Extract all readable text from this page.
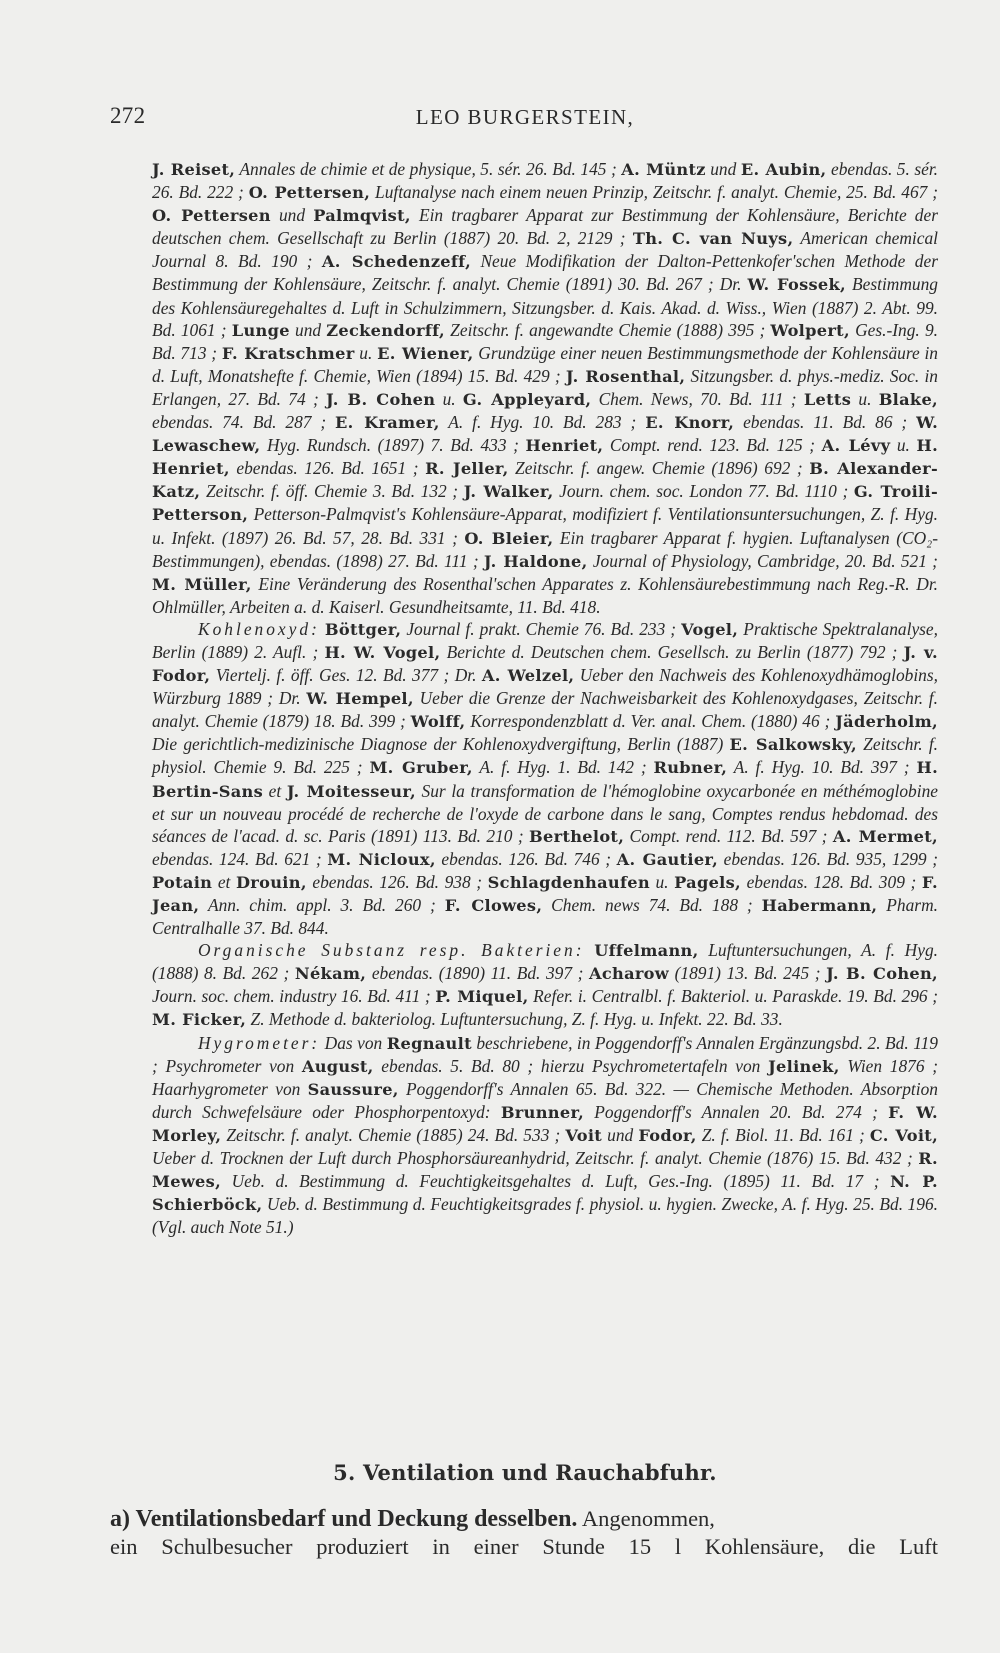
272	LEO BURGERSTEIN,

J. Reiset, Annales de chimie et de physique, 5. sér. 26. Bd. 145 ; A. Müntz und E. Aubin, ebendas. 5. sér. 26. Bd. 222 ; O. Pettersen, Luftanalyse nach einem neuen Prinzip, Zeitschr. f. analyt. Chemie, 25. Bd. 467 ; O. Pettersen und Palmqvist, Ein tragbarer Apparat zur Bestimmung der Kohlensäure, Berichte der deutschen chem. Gesellschaft zu Berlin (1887) 20. Bd. 2, 2129 ; Th. C. van Nuys, American chemical Journal 8. Bd. 190 ; A. Schedenzeff, Neue Modifikation der Dalton-Pettenkofer'schen Methode der Bestimmung der Kohlensäure, Zeitschr. f. analyt. Chemie (1891) 30. Bd. 267 ; Dr. W. Fossek, Bestimmung des Kohlensäuregehaltes d. Luft in Schulzimmern, Sitzungsber. d. Kais. Akad. d. Wiss., Wien (1887) 2. Abt. 99. Bd. 1061 ; Lunge und Zeckendorff, Zeitschr. f. angewandte Chemie (1888) 395 ; Wolpert, Ges.-Ing. 9. Bd. 713 ; F. Kratschmer u. E. Wiener, Grundzüge einer neuen Bestimmungsmethode der Kohlensäure in d. Luft, Monatshefte f. Chemie, Wien (1894) 15. Bd. 429 ; J. Rosenthal, Sitzungsber. d. phys.-mediz. Soc. in Erlangen, 27. Bd. 74 ; J. B. Cohen u. G. Appleyard, Chem. News, 70. Bd. 111 ; Letts u. Blake, ebendas. 74. Bd. 287 ; E. Kramer, A. f. Hyg. 10. Bd. 283 ; E. Knorr, ebendas. 11. Bd. 86 ; W. Lewaschew, Hyg. Rundsch. (1897) 7. Bd. 433 ; Henriet, Compt. rend. 123. Bd. 125 ; A. Lévy u. H. Henriet, ebendas. 126. Bd. 1651 ; R. Jeller, Zeitschr. f. angew. Chemie (1896) 692 ; B. Alexander-Katz, Zeitschr. f. öff. Chemie 3. Bd. 132 ; J. Walker, Journ. chem. soc. London 77. Bd. 1110 ; G. Troili-Petterson, Petterson-Palmqvist's Kohlensäure-Apparat, modifiziert f. Ventilationsuntersuchungen, Z. f. Hyg. u. Infekt. (1897) 26. Bd. 57, 28. Bd. 331 ; O. Bleier, Ein tragbarer Apparat f. hygien. Luftanalysen (CO₂-Bestimmungen), ebendas. (1898) 27. Bd. 111 ; J. Haldone, Journal of Physiology, Cambridge, 20. Bd. 521 ; M. Müller, Eine Veränderung des Rosenthal'schen Apparates z. Kohlensäurebestimmung nach Reg.-R. Dr. Ohlmüller, Arbeiten a. d. Kaiserl. Gesundheitsamte, 11. Bd. 418.

Kohlenoxyd: Böttger, Journal f. prakt. Chemie 76. Bd. 233 ; Vogel, Praktische Spektralanalyse, Berlin (1889) 2. Aufl. ; H. W. Vogel, Berichte d. Deutschen chem. Gesellsch. zu Berlin (1877) 792 ; J. v. Fodor, Viertelj. f. öff. Ges. 12. Bd. 377 ; Dr. A. Welzel, Ueber den Nachweis des Kohlenoxydhämoglobins, Würzburg 1889 ; Dr. W. Hempel, Ueber die Grenze der Nachweisbarkeit des Kohlenoxydgases, Zeitschr. f. analyt. Chemie (1879) 18. Bd. 399 ; Wolff, Korrespondenzblatt d. Ver. anal. Chem. (1880) 46 ; Jäderholm, Die gerichtlich-medizinische Diagnose der Kohlenoxydvergiftung, Berlin (1887) E. Salkowsky, Zeitschr. f. physiol. Chemie 9. Bd. 225 ; M. Gruber, A. f. Hyg. 1. Bd. 142 ; Rubner, A. f. Hyg. 10. Bd. 397 ; H. Bertin-Sans et J. Moitesseur, Sur la transformation de l'hémoglobine oxycarbonée en méthémoglobine et sur un nouveau procédé de recherche de l'oxyde de carbone dans le sang, Comptes rendus hebdomad. des séances de l'acad. d. sc. Paris (1891) 113. Bd. 210 ; Berthelot, Compt. rend. 112. Bd. 597 ; A. Mermet, ebendas. 124. Bd. 621 ; M. Nicloux, ebendas. 126. Bd. 746 ; A. Gautier, ebendas. 126. Bd. 935, 1299 ; Potain et Drouin, ebendas. 126. Bd. 938 ; Schlagdenhaufen u. Pagels, ebendas. 128. Bd. 309 ; F. Jean, Ann. chim. appl. 3. Bd. 260 ; F. Clowes, Chem. news 74. Bd. 188 ; Habermann, Pharm. Centralhalle 37. Bd. 844.

Organische Substanz resp. Bakterien: Uffelmann, Luftuntersuchungen, A. f. Hyg. (1888) 8. Bd. 262 ; Nékam, ebendas. (1890) 11. Bd. 397 ; Acharow (1891) 13. Bd. 245 ; J. B. Cohen, Journ. soc. chem. industry 16. Bd. 411 ; P. Miquel, Refer. i. Centralbl. f. Bakteriol. u. Paraskde. 19. Bd. 296 ; M. Ficker, Z. Methode d. bakteriolog. Luftuntersuchung, Z. f. Hyg. u. Infekt. 22. Bd. 33.

Hygrometer: Das von Regnault beschriebene, in Poggendorff's Annalen Ergänzungsbd. 2. Bd. 119 ; Psychrometer von August, ebendas. 5. Bd. 80 ; hierzu Psychrometertafeln von Jelinek, Wien 1876 ; Haarhygrometer von Saussure, Poggendorff's Annalen 65. Bd. 322. — Chemische Methoden. Absorption durch Schwefelsäure oder Phosphorpentoxyd: Brunner, Poggendorff's Annalen 20. Bd. 274 ; F. W. Morley, Zeitschr. f. analyt. Chemie (1885) 24. Bd. 533 ; Voit und Fodor, Z. f. Biol. 11. Bd. 161 ; C. Voit, Ueber d. Trocknen der Luft durch Phosphorsäureanhydrid, Zeitschr. f. analyt. Chemie (1876) 15. Bd. 432 ; R. Mewes, Ueb. d. Bestimmung d. Feuchtigkeitsgehaltes d. Luft, Ges.-Ing. (1895) 11. Bd. 17 ; N. P. Schierböck, Ueb. d. Bestimmung d. Feuchtigkeitsgrades f. physiol. u. hygien. Zwecke, A. f. Hyg. 25. Bd. 196. (Vgl. auch Note 51.)

5. Ventilation und Rauchabfuhr.
a) Ventilationsbedarf und Deckung desselben. Angenommen,
ein Schulbesucher produziert in einer Stunde 15 l Kohlensäure, die Luft
